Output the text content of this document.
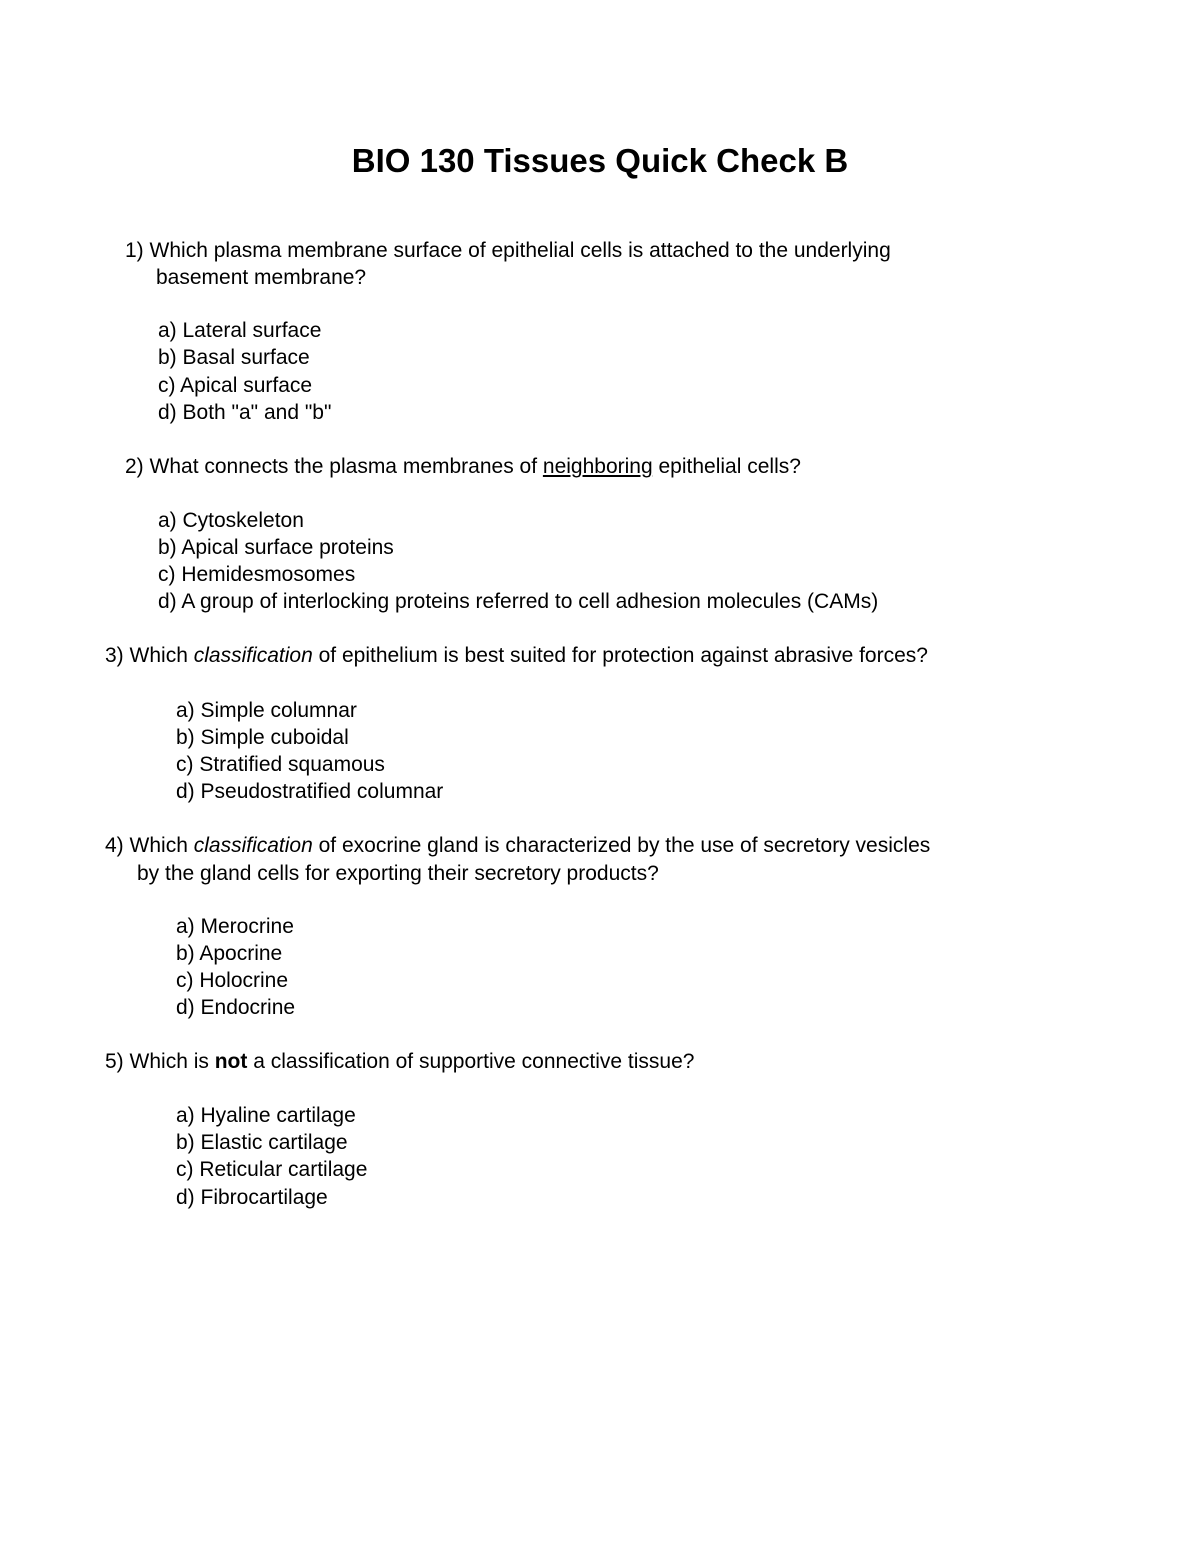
BIO 130 Tissues Quick Check B
1) Which plasma membrane surface of epithelial cells is attached to the underlying
basement membrane?
a) Lateral surface
b) Basal surface
c) Apical surface
d) Both "a" and "b"
2) What connects the plasma membranes of neighboring epithelial cells?
a) Cytoskeleton
b) Apical surface proteins
c) Hemidesmosomes
d) A group of interlocking proteins referred to cell adhesion molecules (CAMs)
3) Which classification of epithelium is best suited for protection against abrasive forces?
a) Simple columnar
b) Simple cuboidal
c) Stratified squamous
d) Pseudostratified columnar
4) Which classification of exocrine gland is characterized by the use of secretory vesicles
by the gland cells for exporting their secretory products?
a) Merocrine
b) Apocrine
c) Holocrine
d) Endocrine
5) Which is not a classification of supportive connective tissue?
a) Hyaline cartilage
b) Elastic cartilage
c) Reticular cartilage
d) Fibrocartilage
